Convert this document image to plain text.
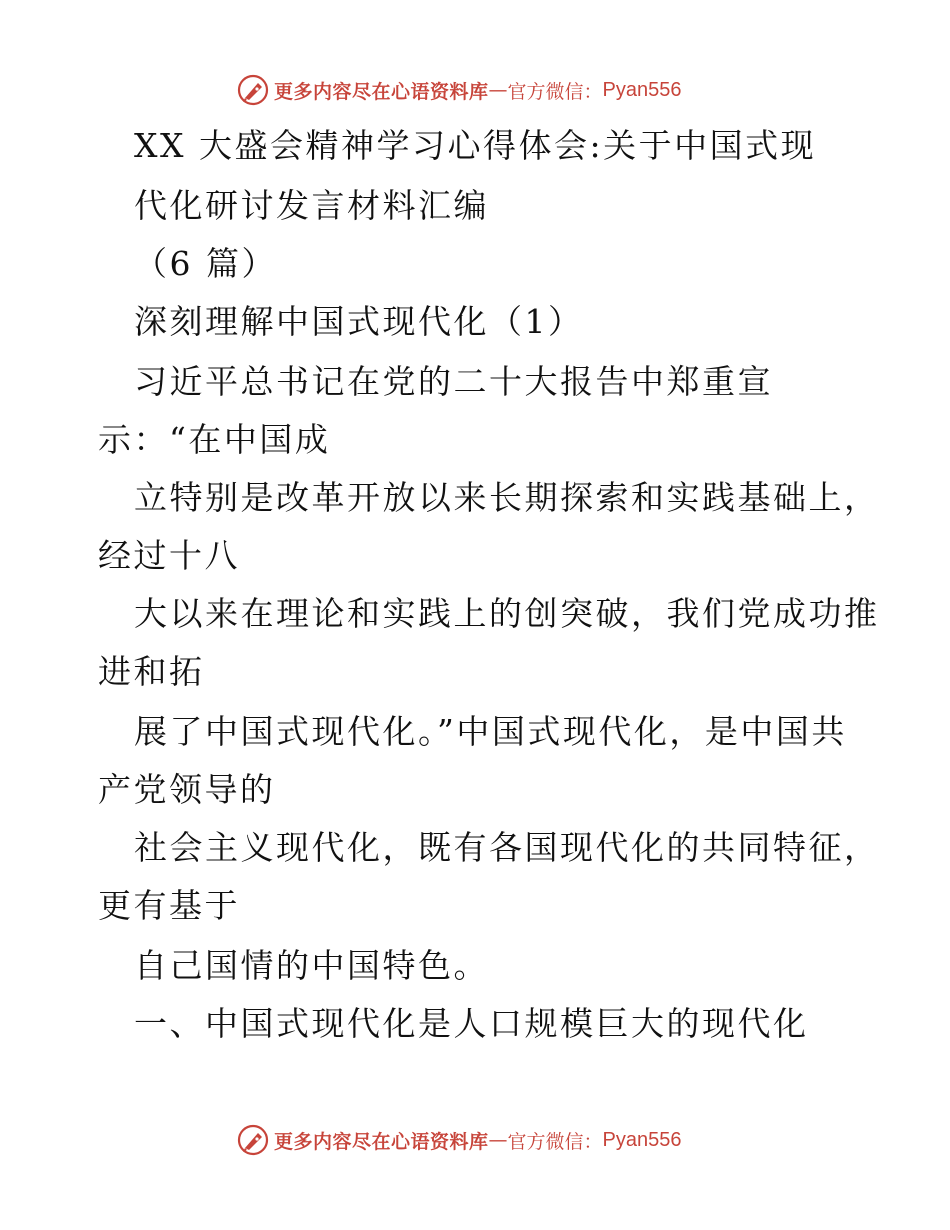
更多内容尽在心语资料库 — 官方微信： Pyan556
XX 大盛会精神学习心得体会:关于中国式现
代化研讨发言材料汇编
（6 篇）
深刻理解中国式现代化（1）
习近平总书记在党的二十大报告中郑重宣
示：“在中国成
立特别是改革开放以来长期探索和实践基础上，
经过十八
大以来在理论和实践上的创突破，我们党成功推
进和拓
展了中国式现代化。”中国式现代化，是中国共
产党领导的
社会主义现代化，既有各国现代化的共同特征，
更有基于
自己国情的中国特色。
一、中国式现代化是人口规模巨大的现代化
更多内容尽在心语资料库 — 官方微信： Pyan556
